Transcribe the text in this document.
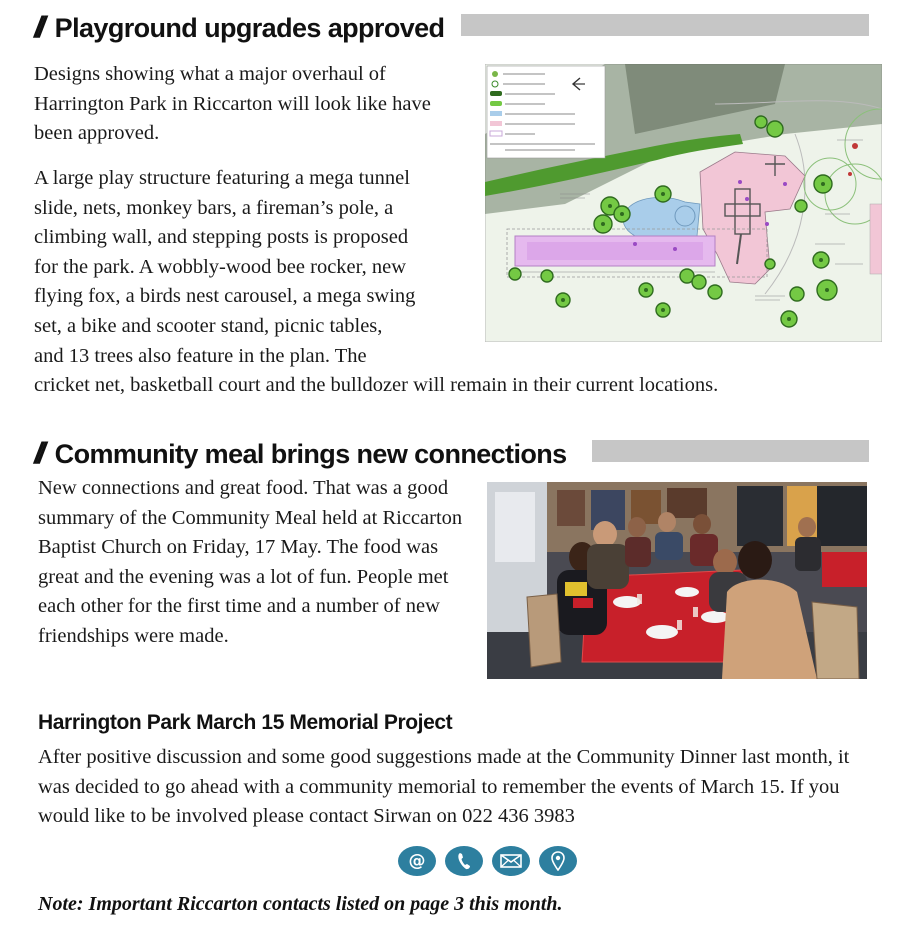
// Playground upgrades approved

Designs showing what a major overhaul of Harrington Park in Riccarton will look like have been approved.

A large play structure featuring a mega tunnel
slide, nets, monkey bars, a fireman’s pole, a
climbing wall, and stepping posts is proposed
for the park. A wobbly-wood bee rocker, new
flying fox, a birds nest carousel, a mega swing
set, a bike and scooter stand, picnic tables,
and 13 trees also feature in the plan. The
cricket net, basketball court and the bulldozer will remain in their current locations.
// Community meal brings new connections

New connections and great food. That was a good summary of the Community Meal held at Riccarton Baptist Church on Friday, 17 May. The food was great and the evening was a lot of fun. People met each other for the first time and a number of new friendships were made.

Harrington Park March 15 Memorial Project

After positive discussion and some good suggestions made at the Community Dinner last month, it was decided to go ahead with a community memorial to remember the events of March 15. If you would like to be involved please contact Sirwan on 022 436 3983

@
Note: Important Riccarton contacts listed on page 3 this month.
